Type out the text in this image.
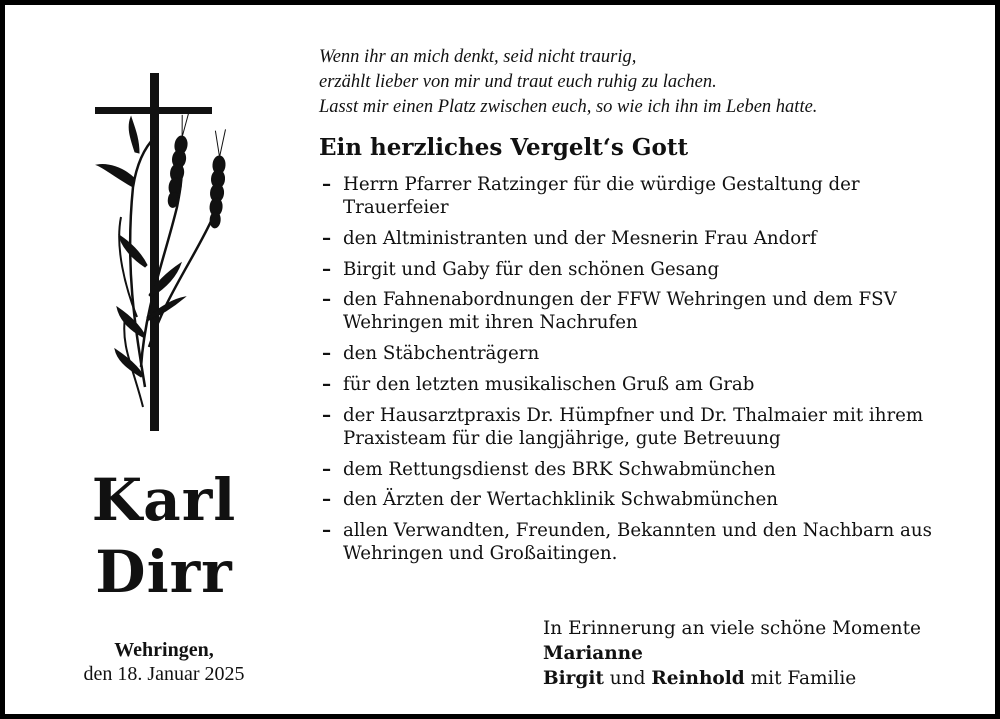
Karl
Dirr
Wehringen,
den 18. Januar 2025
Wenn ihr an mich denkt, seid nicht traurig,
erzählt lieber von mir und traut euch ruhig zu lachen.
Lasst mir einen Platz zwischen euch, so wie ich ihn im Leben hatte.
Ein herzliches Vergelt‘s Gott
– Herrn Pfarrer Ratzinger für die würdige Gestaltung der Trauerfeier
– den Altministranten und der Mesnerin Frau Andorf
– Birgit und Gaby für den schönen Gesang
– den Fahnenabordnungen der FFW Wehringen und dem FSV Wehringen mit ihren Nachrufen
– den Stäbchenträgern
– für den letzten musikalischen Gruß am Grab
– der Hausarztpraxis Dr. Hümpfner und Dr. Thalmaier mit ihrem Praxisteam für die langjährige, gute Betreuung
– dem Rettungsdienst des BRK Schwabmünchen
– den Ärzten der Wertachklinik Schwabmünchen
– allen Verwandten, Freunden, Bekannten und den Nachbarn aus Wehringen und Großaitingen.
In Erinnerung an viele schöne Momente
Marianne
Birgit und Reinhold mit Familie
